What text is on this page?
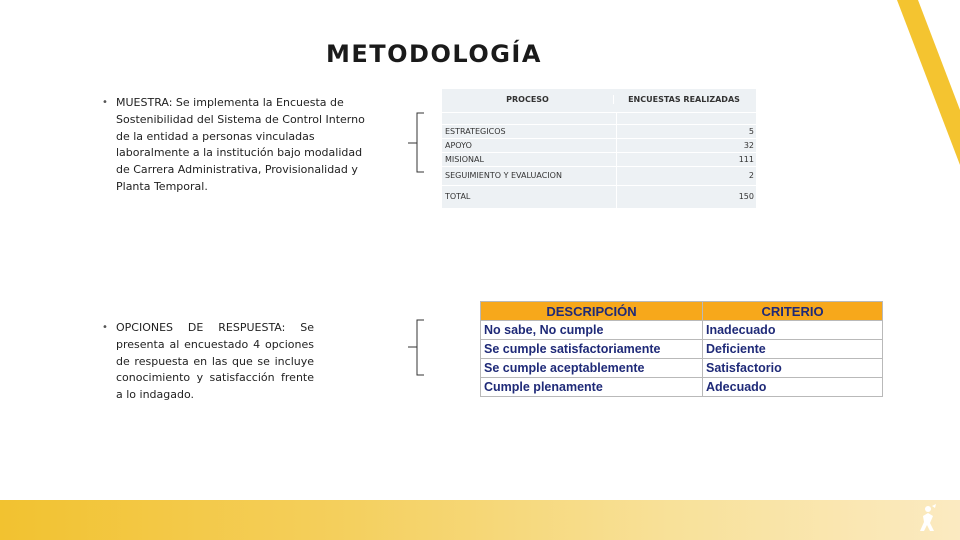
METODOLOGÍA
• MUESTRA: Se implementa la Encuesta de Sostenibilidad del Sistema de Control Interno de la entidad a personas vinculadas laboralmente a la institución bajo modalidad de Carrera Administrativa, Provisionalidad y Planta Temporal.
• OPCIONES DE RESPUESTA: Se presenta al encuestado 4 opciones de respuesta en las que se incluye conocimiento y satisfacción frente a lo indagado.
PROCESO	ENCUESTAS REALIZADAS
ESTRATEGICOS	5
APOYO	32
MISIONAL	111
SEGUIMIENTO Y EVALUACION	2
TOTAL	150
DESCRIPCIÓN	CRITERIO
No sabe, No cumple	Inadecuado
Se cumple satisfactoriamente	Deficiente
Se cumple aceptablemente	Satisfactorio
Cumple plenamente	Adecuado
